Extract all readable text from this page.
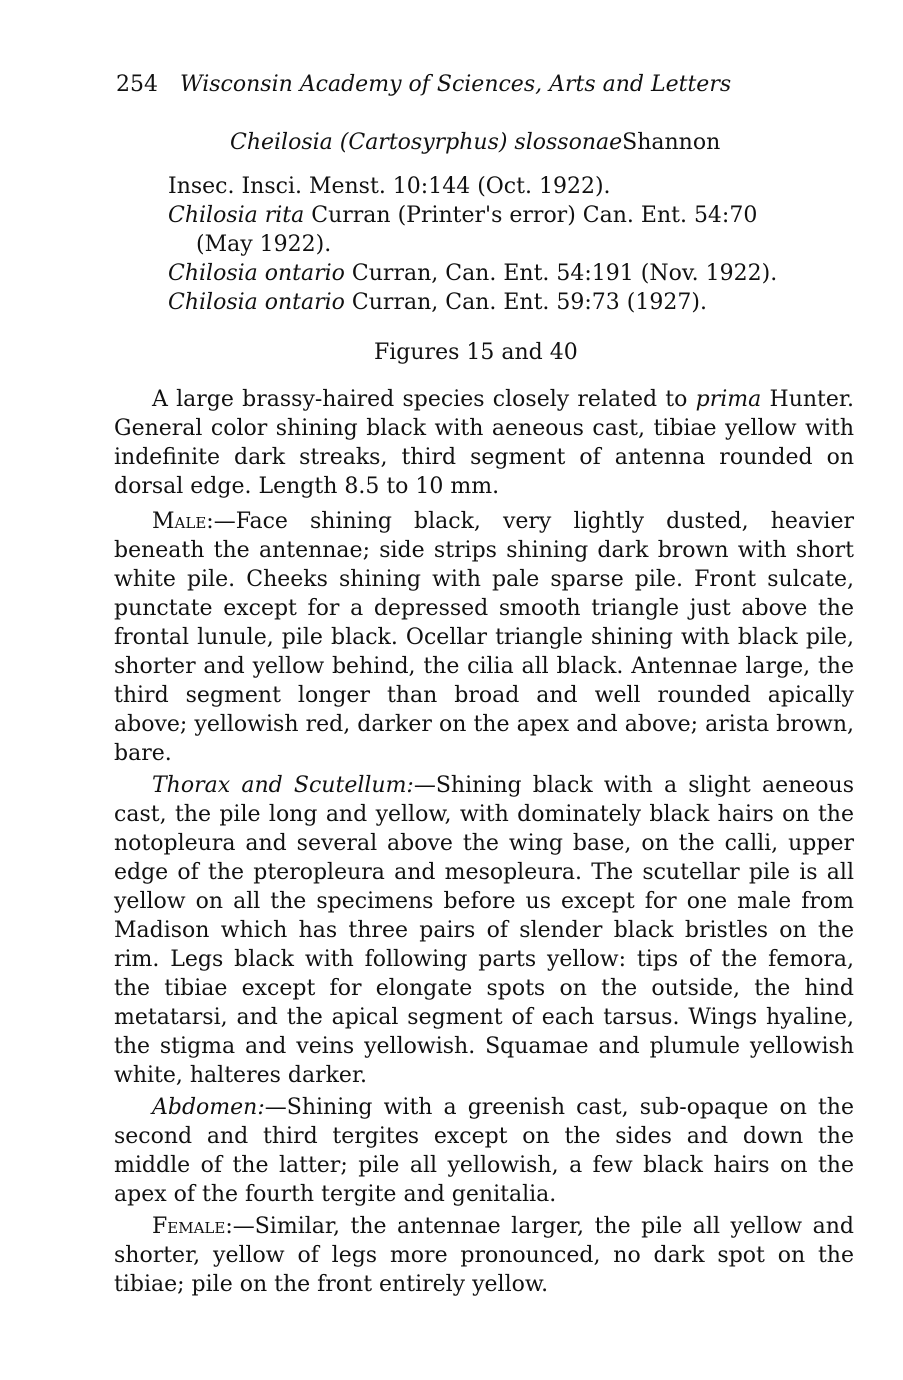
254 Wisconsin Academy of Sciences, Arts and Letters
Cheilosia (Cartosyrphus) slossonaeShannon
Insec. Insci. Menst. 10:144 (Oct. 1922).
Chilosia rita Curran (Printer's error) Can. Ent. 54:70
(May 1922).
Chilosia ontario Curran, Can. Ent. 54:191 (Nov. 1922).
Chilosia ontario Curran, Can. Ent. 59:73 (1927).
Figures 15 and 40

A large brassy-haired species closely related to prima Hunter. General color shining black with aeneous cast, tibiae yellow with indefinite dark streaks, third segment of antenna rounded on dorsal edge. Length 8.5 to 10 mm.

Male:—Face shining black, very lightly dusted, heavier beneath the antennae; side strips shining dark brown with short white pile. Cheeks shining with pale sparse pile. Front sulcate, punctate except for a depressed smooth triangle just above the frontal lunule, pile black. Ocellar triangle shining with black pile, shorter and yellow behind, the cilia all black. Antennae large, the third segment longer than broad and well rounded apically above; yellowish red, darker on the apex and above; arista brown, bare.

Thorax and Scutellum:—Shining black with a slight aeneous cast, the pile long and yellow, with dominately black hairs on the notopleura and several above the wing base, on the calli, upper edge of the pteropleura and mesopleura. The scutellar pile is all yellow on all the specimens before us except for one male from Madison which has three pairs of slender black bristles on the rim. Legs black with following parts yellow: tips of the femora, the tibiae except for elongate spots on the outside, the hind metatarsi, and the apical segment of each tarsus. Wings hyaline, the stigma and veins yellowish. Squamae and plumule yellowish white, halteres darker.

Abdomen:—Shining with a greenish cast, sub-opaque on the second and third tergites except on the sides and down the middle of the latter; pile all yellowish, a few black hairs on the apex of the fourth tergite and genitalia.

Female:—Similar, the antennae larger, the pile all yellow and shorter, yellow of legs more pronounced, no dark spot on the tibiae; pile on the front entirely yellow.
